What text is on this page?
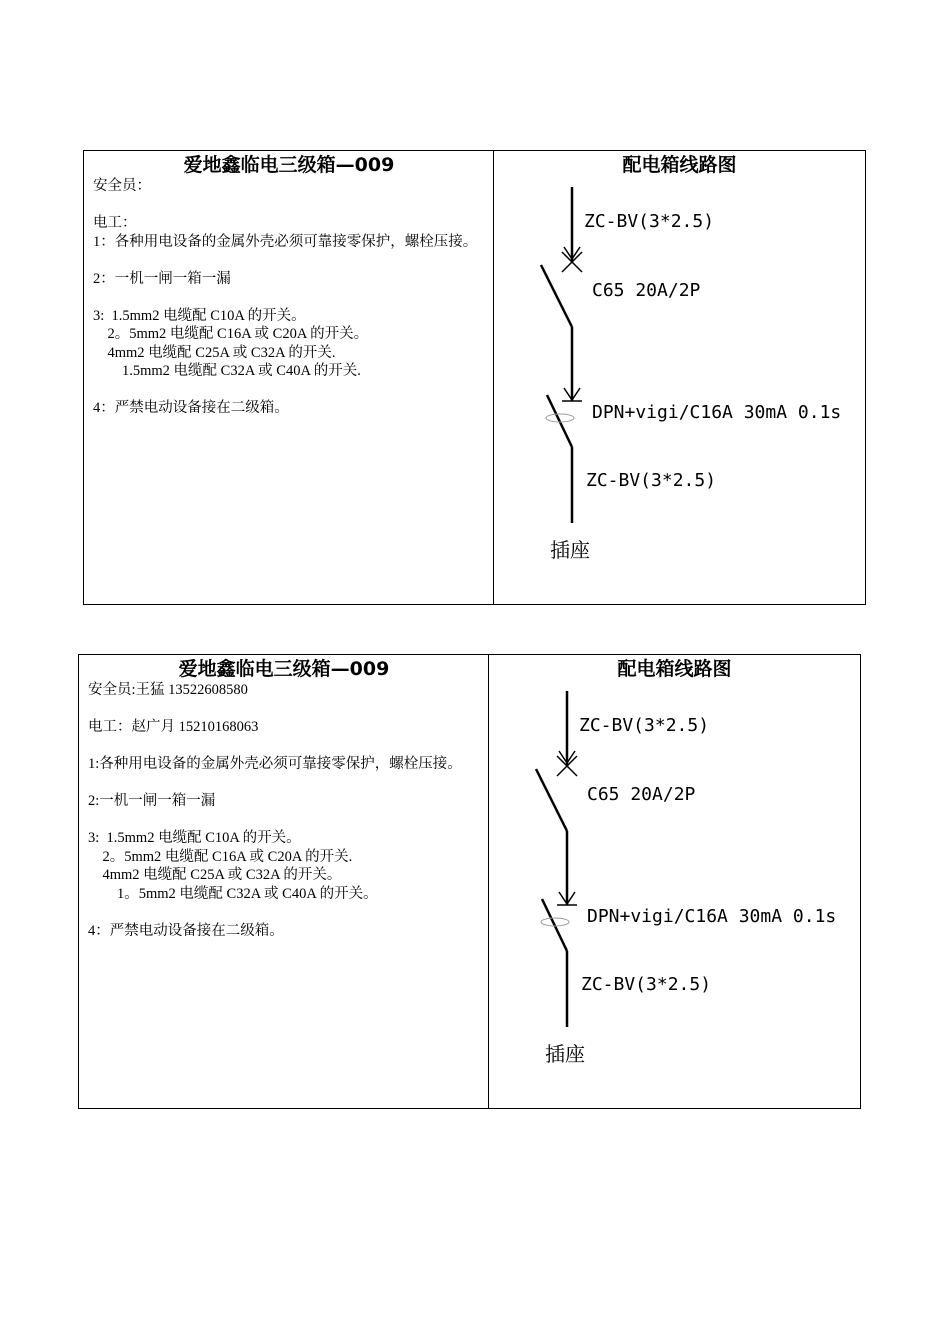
爱地鑫临电三级箱—009
安全员：
电工：
1：各种用电设备的金属外壳必须可靠接零保护，螺栓压接。
2：一机一闸一箱一漏
3:  1.5mm2 电缆配 C10A 的开关。
2。5mm2 电缆配 C16A 或 C20A 的开关。
4mm2 电缆配 C25A 或 C32A 的开关.
1.5mm2 电缆配 C32A 或 C40A 的开关.
4：严禁电动设备接在二级箱。
配电箱线路图
ZC-BV(3*2.5)
C65 20A/2P
DPN+vigi/C16A 30mA 0.1s
ZC-BV(3*2.5)
插座
爱地鑫临电三级箱—009
安全员:王猛 13522608580
电工：赵广月 15210168063
1:各种用电设备的金属外壳必须可靠接零保护，螺栓压接。
2:一机一闸一箱一漏
3:  1.5mm2 电缆配 C10A 的开关。
2。5mm2 电缆配 C16A 或 C20A 的开关.
4mm2 电缆配 C25A 或 C32A 的开关。
1。5mm2 电缆配 C32A 或 C40A 的开关。
4：严禁电动设备接在二级箱。
配电箱线路图
ZC-BV(3*2.5)
C65 20A/2P
DPN+vigi/C16A 30mA 0.1s
ZC-BV(3*2.5)
插座
